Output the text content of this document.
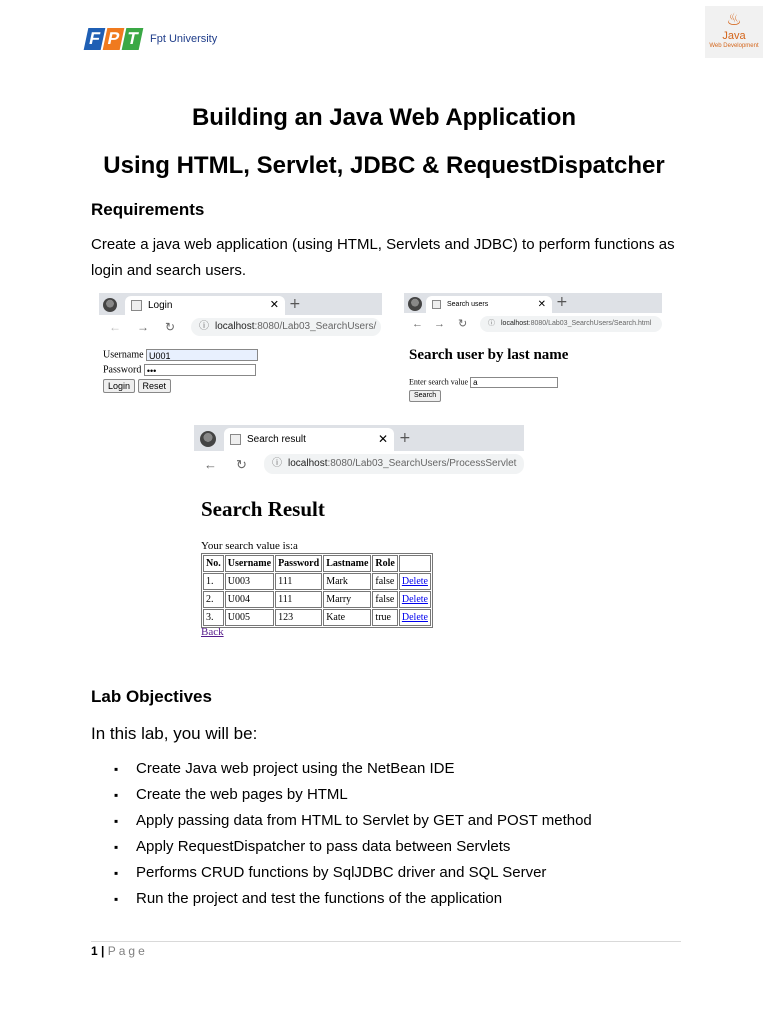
F P T Fpt University
♨
Java
Web Development
Building an Java Web Application
Using HTML, Servlet, JDBC & RequestDispatcher
Requirements
Create a java web application (using HTML, Servlets and JDBC) to perform functions as login and search users.
Login	✕ +
← → ↻	ⓘ localhost:8080/Lab03_SearchUsers/
Username U001
Password •••
Login Reset
Search users	✕ +
← → ↻	ⓘ localhost:8080/Lab03_SearchUsers/Search.html
Search user by last name
Enter search value a
Search
Search result	✕ +
← ↻	ⓘ localhost:8080/Lab03_SearchUsers/ProcessServlet
Search Result
Your search value is:a
No.	Username	Password	Lastname	Role	
1.	U003	111	Mark	false	Delete
2.	U004	111	Marry	false	Delete
3.	U005	123	Kate	true	Delete
Back
Lab Objectives
In this lab, you will be:
▪ Create Java web project using the NetBean IDE
▪ Create the web pages by HTML
▪ Apply passing data from HTML to Servlet by GET and POST method
▪ Apply RequestDispatcher to pass data between Servlets
▪ Performs CRUD functions by SqlJDBC driver and SQL Server
▪ Run the project and test the functions of the application
1 | Page
